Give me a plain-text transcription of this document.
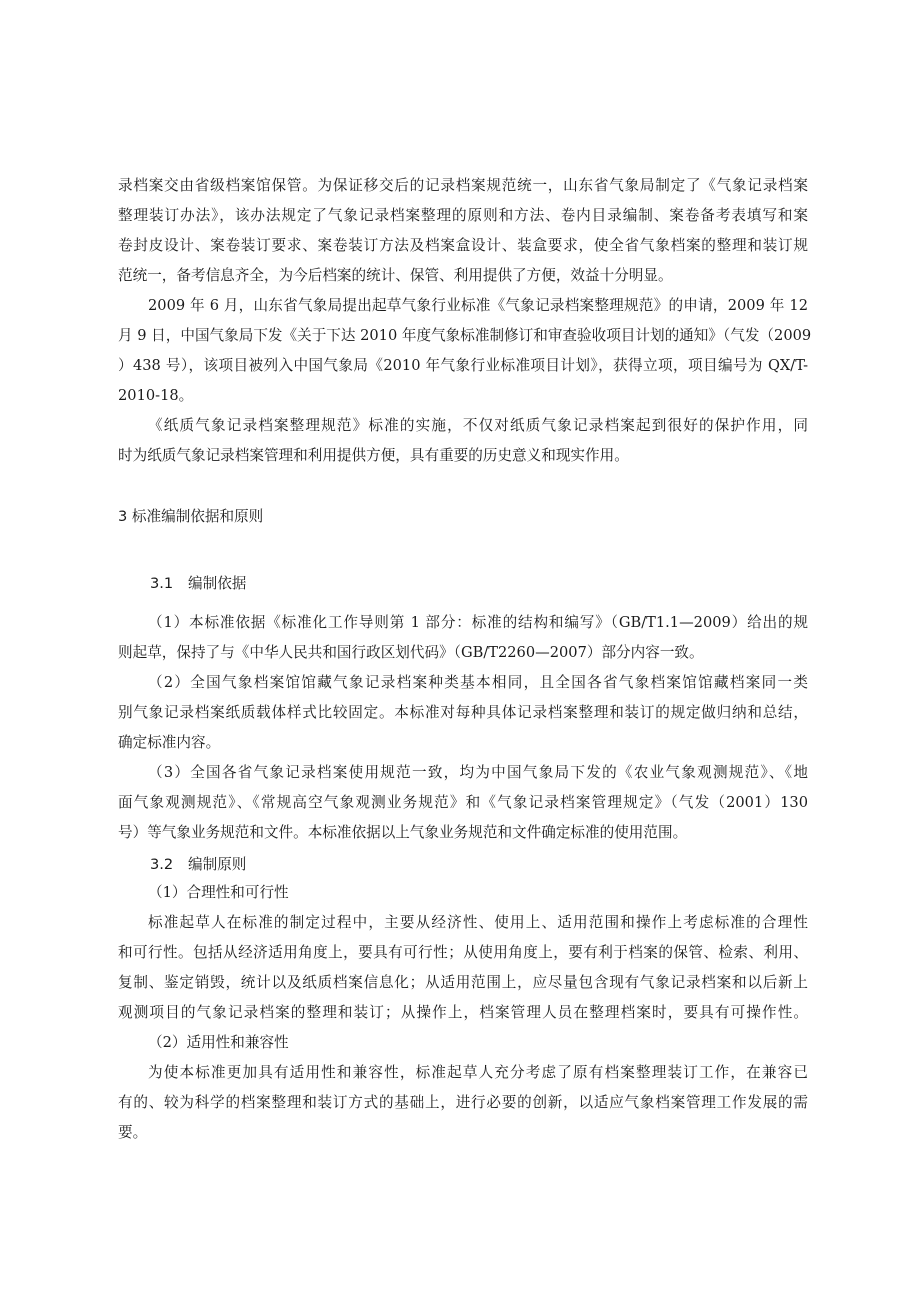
录档案交由省级档案馆保管。为保证移交后的记录档案规范统一，山东省气象局制定了《气象记录档案
整理装订办法》，该办法规定了气象记录档案整理的原则和方法、卷内目录编制、案卷备考表填写和案
卷封皮设计、案卷装订要求、案卷装订方法及档案盒设计、装盒要求，使全省气象档案的整理和装订规
范统一，备考信息齐全，为今后档案的统计、保管、利用提供了方便，效益十分明显。
2009 年 6 月，山东省气象局提出起草气象行业标准《气象记录档案整理规范》的申请，2009 年 12
月 9 日，中国气象局下发《关于下达 2010 年度气象标准制修订和审查验收项目计划的通知》（气发（2009
）438 号），该项目被列入中国气象局《2010 年气象行业标准项目计划》，获得立项，项目编号为 QX/T-
2010-18。
《纸质气象记录档案整理规范》标准的实施，不仅对纸质气象记录档案起到很好的保护作用，同
时为纸质气象记录档案管理和利用提供方便，具有重要的历史意义和现实作用。
3 标准编制依据和原则
3.1 编制依据
（1）本标准依据《标准化工作导则第 1 部分：标准的结构和编写》（GB/T1.1—2009）给出的规
则起草，保持了与《中华人民共和国行政区划代码》（GB/T2260—2007）部分内容一致。
（2）全国气象档案馆馆藏气象记录档案种类基本相同，且全国各省气象档案馆馆藏档案同一类
别气象记录档案纸质载体样式比较固定。本标准对每种具体记录档案整理和装订的规定做归纳和总结，
确定标准内容。
（3）全国各省气象记录档案使用规范一致，均为中国气象局下发的《农业气象观测规范》、《地
面气象观测规范》、《常规高空气象观测业务规范》和《气象记录档案管理规定》（气发（2001）130
号）等气象业务规范和文件。本标准依据以上气象业务规范和文件确定标准的使用范围。
3.2 编制原则
（1）合理性和可行性
标准起草人在标准的制定过程中，主要从经济性、使用上、适用范围和操作上考虑标准的合理性
和可行性。包括从经济适用角度上，要具有可行性；从使用角度上，要有利于档案的保管、检索、利用、
复制、鉴定销毁，统计以及纸质档案信息化；从适用范围上，应尽量包含现有气象记录档案和以后新上
观测项目的气象记录档案的整理和装订；从操作上，档案管理人员在整理档案时，要具有可操作性。
（2）适用性和兼容性
为使本标准更加具有适用性和兼容性，标准起草人充分考虑了原有档案整理装订工作，在兼容已
有的、较为科学的档案整理和装订方式的基础上，进行必要的创新，以适应气象档案管理工作发展的需
要。
